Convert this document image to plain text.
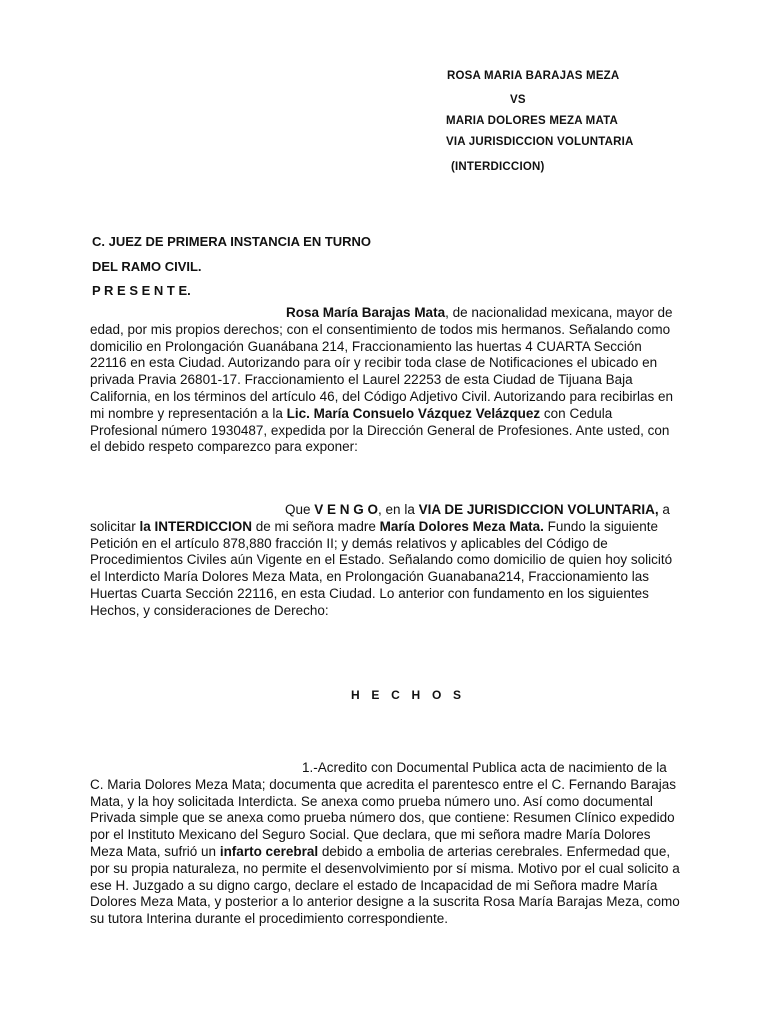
ROSA MARIA BARAJAS MEZA
VS
MARIA DOLORES MEZA MATA
VIA JURISDICCION VOLUNTARIA
(INTERDICCION)
C. JUEZ DE PRIMERA INSTANCIA EN TURNO
DEL RAMO CIVIL.
P R E S E N T E.

Rosa María Barajas Mata, de nacionalidad mexicana, mayor de edad, por mis propios derechos; con el consentimiento de todos mis hermanos. Señalando como domicilio en Prolongación Guanábana 214, Fraccionamiento las huertas 4 CUARTA Sección 22116 en esta Ciudad. Autorizando para oír y recibir toda clase de Notificaciones el ubicado en privada Pravia 26801-17. Fraccionamiento el Laurel 22253 de esta Ciudad de Tijuana Baja California, en los términos del artículo 46, del Código Adjetivo Civil. Autorizando para recibirlas en mi nombre y representación a la Lic. María Consuelo Vázquez Velázquez con Cedula Profesional número 1930487, expedida por la Dirección General de Profesiones. Ante usted, con el debido respeto comparezco para exponer:

Que V E N G O, en la VIA DE JURISDICCION VOLUNTARIA, a solicitar la INTERDICCION de mi señora madre María Dolores Meza Mata. Fundo la siguiente Petición en el artículo 878,880 fracción II; y demás relativos y aplicables del Código de Procedimientos Civiles aún Vigente en el Estado. Señalando como domicilio de quien hoy solicitó el Interdicto María Dolores Meza Mata, en Prolongación Guanabana214, Fraccionamiento las Huertas Cuarta Sección 22116, en esta Ciudad. Lo anterior con fundamento en los siguientes Hechos, y consideraciones de Derecho:

H E C H O S

1.-Acredito con Documental Publica acta de nacimiento de la C. Maria Dolores Meza Mata; documenta que acredita el parentesco entre el C. Fernando Barajas Mata, y la hoy solicitada Interdicta. Se anexa como prueba número uno. Así como documental Privada simple que se anexa como prueba número dos, que contiene: Resumen Clínico expedido por el Instituto Mexicano del Seguro Social. Que declara, que mi señora madre María Dolores Meza Mata, sufrió un infarto cerebral debido a embolia de arterias cerebrales. Enfermedad que, por su propia naturaleza, no permite el desenvolvimiento por sí misma. Motivo por el cual solicito a ese H. Juzgado a su digno cargo, declare el estado de Incapacidad de mi Señora madre María Dolores Meza Mata, y posterior a lo anterior designe a la suscrita Rosa María Barajas Meza, como su tutora Interina durante el procedimiento correspondiente.
